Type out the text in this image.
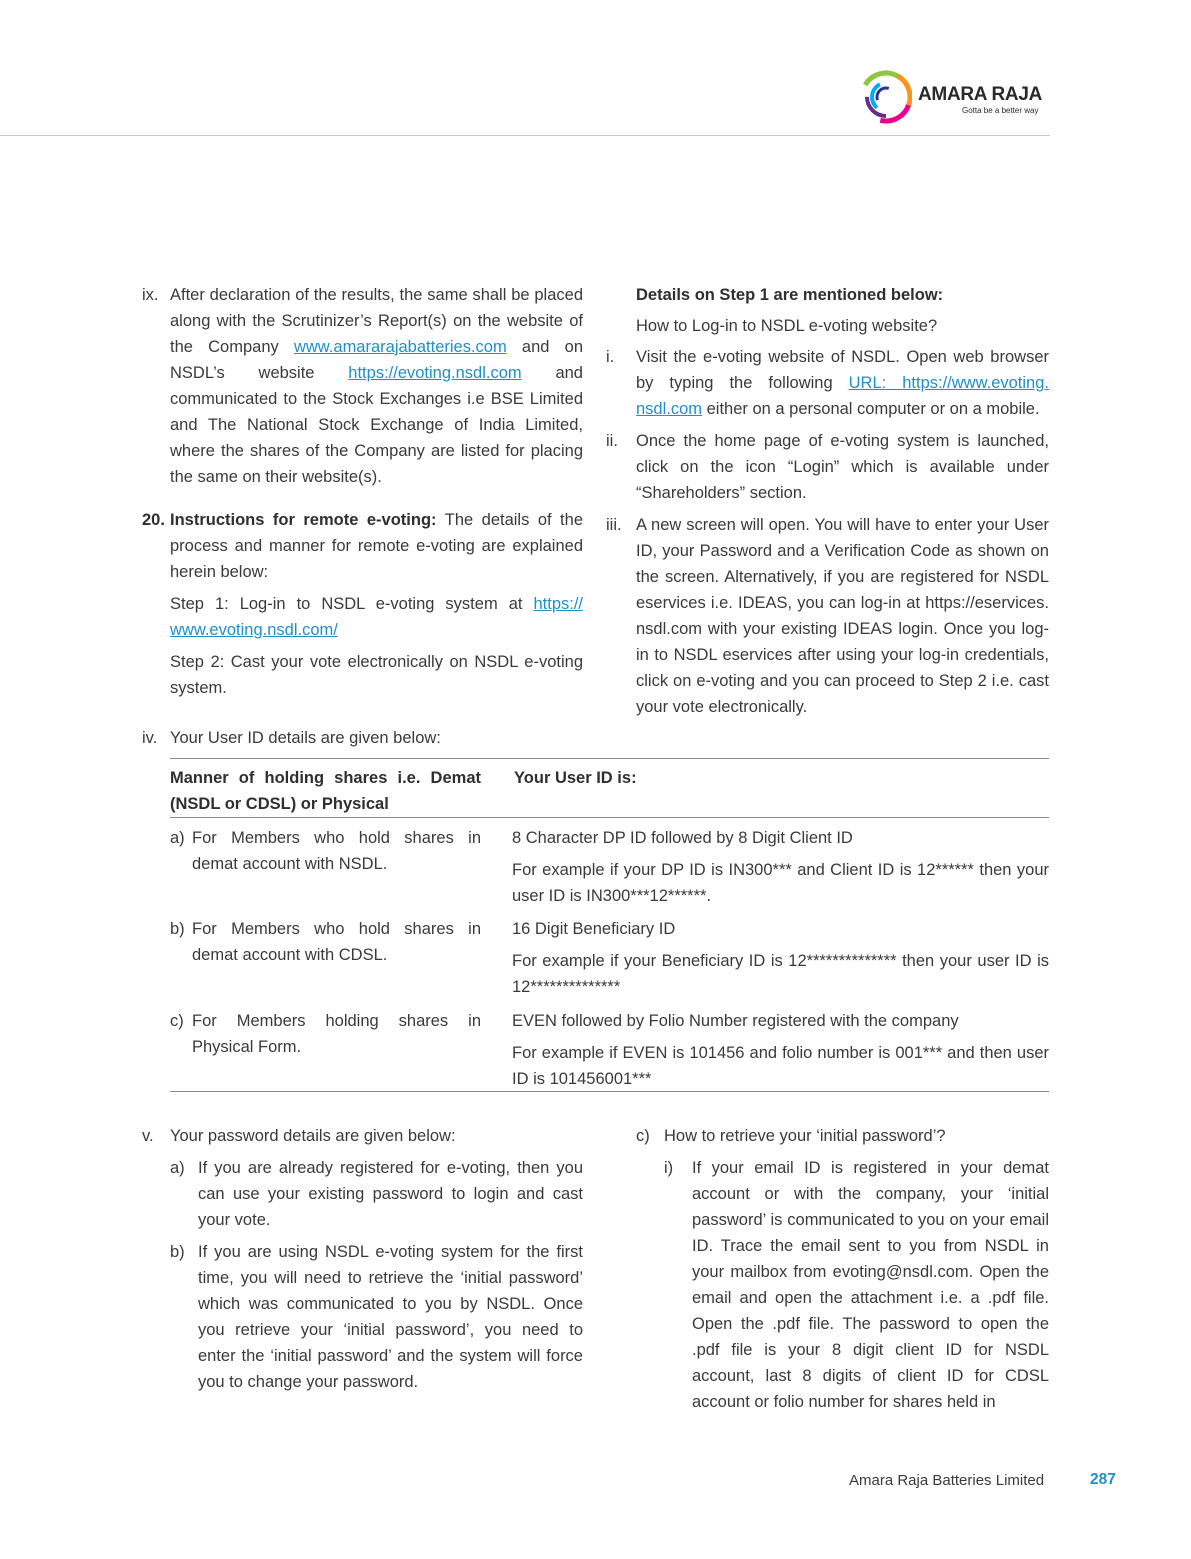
AMARA RAJA
Gotta be a better way
ix. After declaration of the results, the same shall be placed along with the Scrutinizer’s Report(s) on the website of the Company www.amararajabatteries.com and on NSDL’s website https://evoting.nsdl.com and communicated to the Stock Exchanges i.e BSE Limited and The National Stock Exchange of India Limited, where the shares of the Company are listed for placing the same on their website(s).

20. Instructions for remote e-voting: The details of the process and manner for remote e-voting are explained herein below:

Step 1: Log-in to NSDL e-voting system at https:// www.evoting.nsdl.com/

Step 2: Cast your vote electronically on NSDL e-voting system.

Details on Step 1 are mentioned below:

How to Log-in to NSDL e-voting website?

i. Visit the e-voting website of NSDL. Open web browser by typing the following URL: https://www.evoting. nsdl.com either on a personal computer or on a mobile.

ii. Once the home page of e-voting system is launched, click on the icon “Login” which is available under “Shareholders” section.

iii. A new screen will open. You will have to enter your User ID, your Password and a Verification Code as shown on the screen. Alternatively, if you are registered for NSDL eservices i.e. IDEAS, you can log-in at https://eservices. nsdl.com with your existing IDEAS login. Once you log-in to NSDL eservices after using your log-in credentials, click on e-voting and you can proceed to Step 2 i.e. cast your vote electronically.

iv. Your User ID details are given below:

Manner of holding shares i.e. Demat (NSDL or CDSL) or Physical
Your User ID is:
a) For Members who hold shares in demat account with NSDL.

8 Character DP ID followed by 8 Digit Client ID

For example if your DP ID is IN300*** and Client ID is 12****** then your user ID is IN300***12******.

b) For Members who hold shares in demat account with CDSL.

16 Digit Beneficiary ID

For example if your Beneficiary ID is 12************** then your user ID is 12**************

c) For Members holding shares in Physical Form.

EVEN followed by Folio Number registered with the company

For example if EVEN is 101456 and folio number is 001*** and then user ID is 101456001***

v. Your password details are given below:

a) If you are already registered for e-voting, then you can use your existing password to login and cast your vote.

b) If you are using NSDL e-voting system for the first time, you will need to retrieve the ‘initial password’ which was communicated to you by NSDL. Once you retrieve your ‘initial password’, you need to enter the ‘initial password’ and the system will force you to change your password.

c) How to retrieve your ‘initial password’?

i) If your email ID is registered in your demat account or with the company, your ‘initial password’ is communicated to you on your email ID. Trace the email sent to you from NSDL in your mailbox from evoting@nsdl.com. Open the email and open the attachment i.e. a .pdf file. Open the .pdf file. The password to open the .pdf file is your 8 digit client ID for NSDL account, last 8 digits of client ID for CDSL account or folio number for shares held in

Amara Raja Batteries Limited	287
